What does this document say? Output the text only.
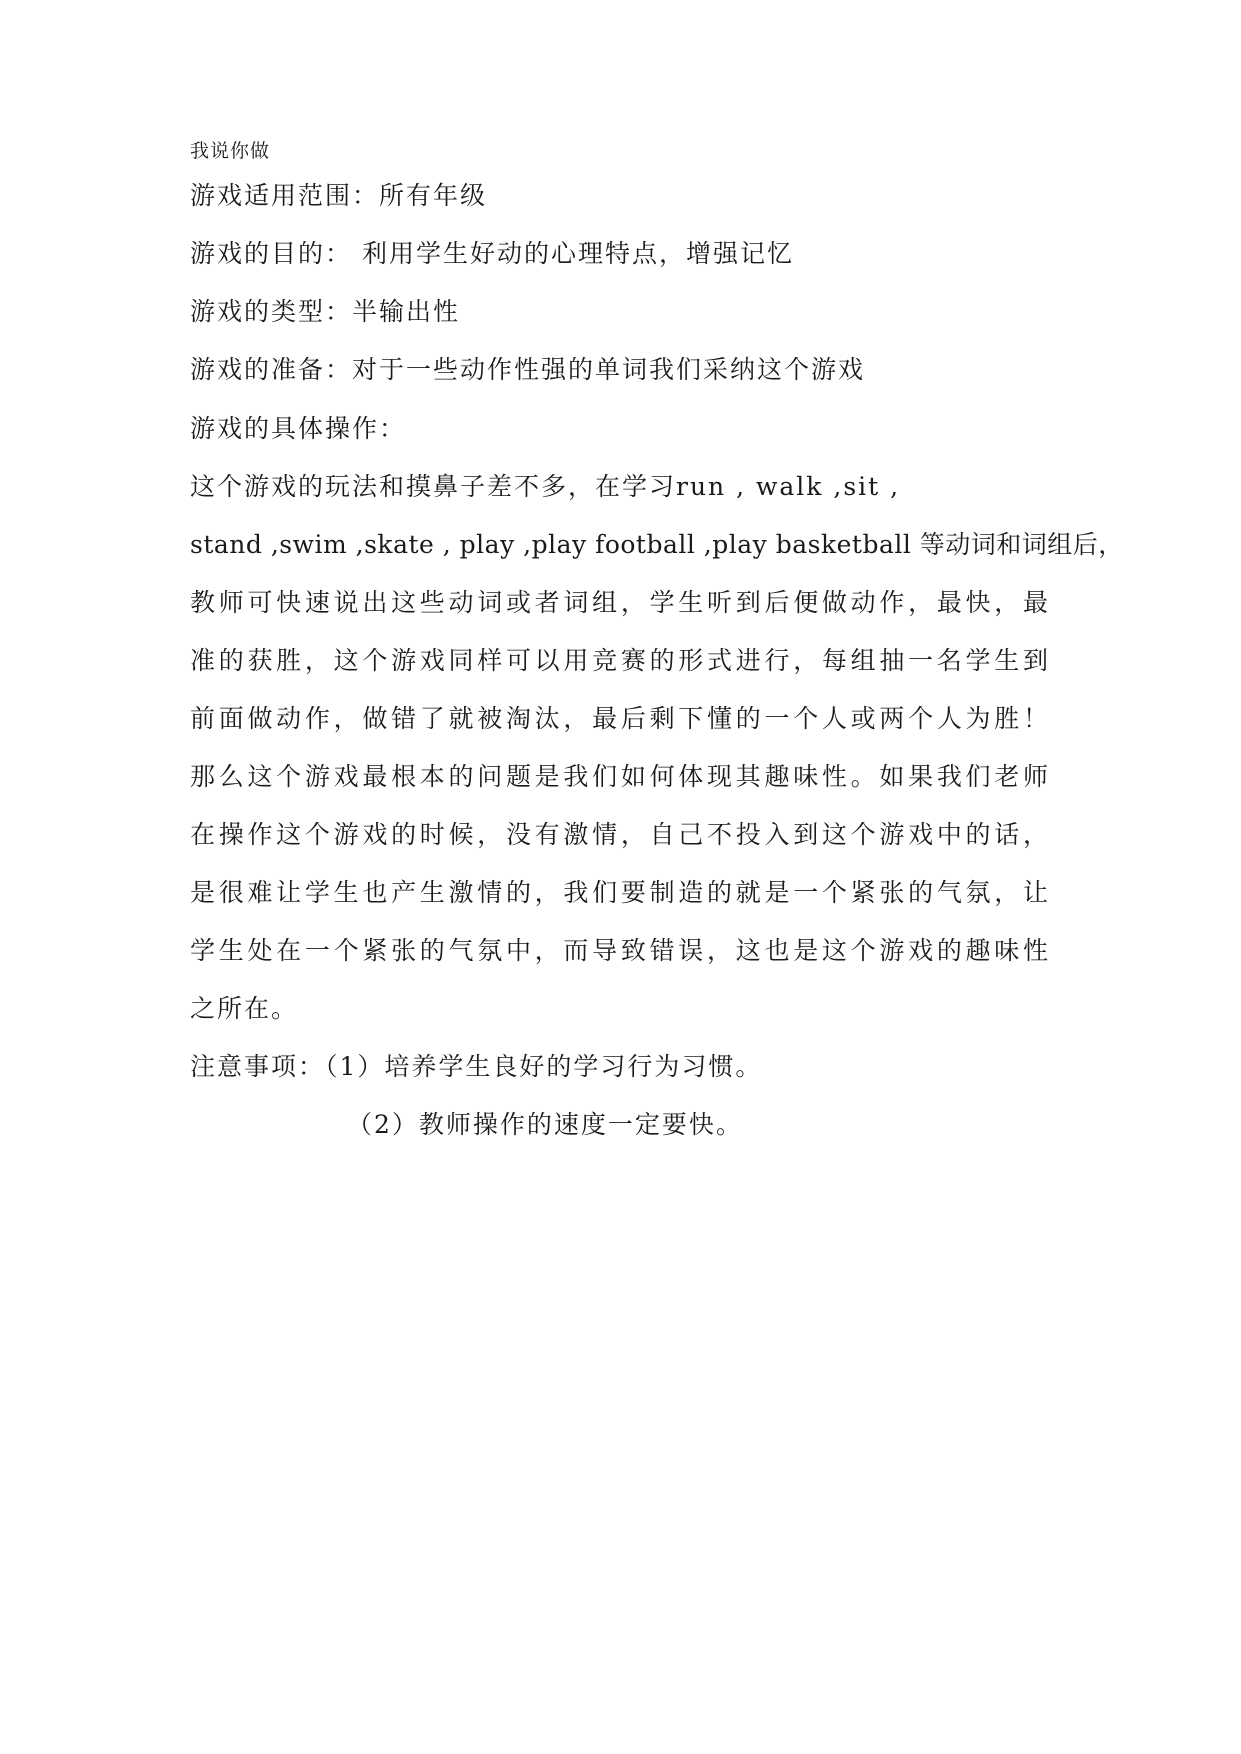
我说你做
游戏适用范围：所有年级
游戏的目的： 利用学生好动的心理特点，增强记忆
游戏的类型：半输出性
游戏的准备：对于一些动作性强的单词我们采纳这个游戏
游戏的具体操作：
这个游戏的玩法和摸鼻子差不多，在学习run , walk ,sit ,
stand ,swim ,skate , play ,play football ,play basketball 等动词和词组后，
教师可快速说出这些动词或者词组，学生听到后便做动作，最快，最
准的获胜，这个游戏同样可以用竞赛的形式进行，每组抽一名学生到
前面做动作，做错了就被淘汰，最后剩下懂的一个人或两个人为胜！
那么这个游戏最根本的问题是我们如何体现其趣味性。如果我们老师
在操作这个游戏的时候，没有激情，自己不投入到这个游戏中的话，
是很难让学生也产生激情的，我们要制造的就是一个紧张的气氛，让
学生处在一个紧张的气氛中，而导致错误，这也是这个游戏的趣味性
之所在。
注意事项：（1）培养学生良好的学习行为习惯。
（2）教师操作的速度一定要快。
